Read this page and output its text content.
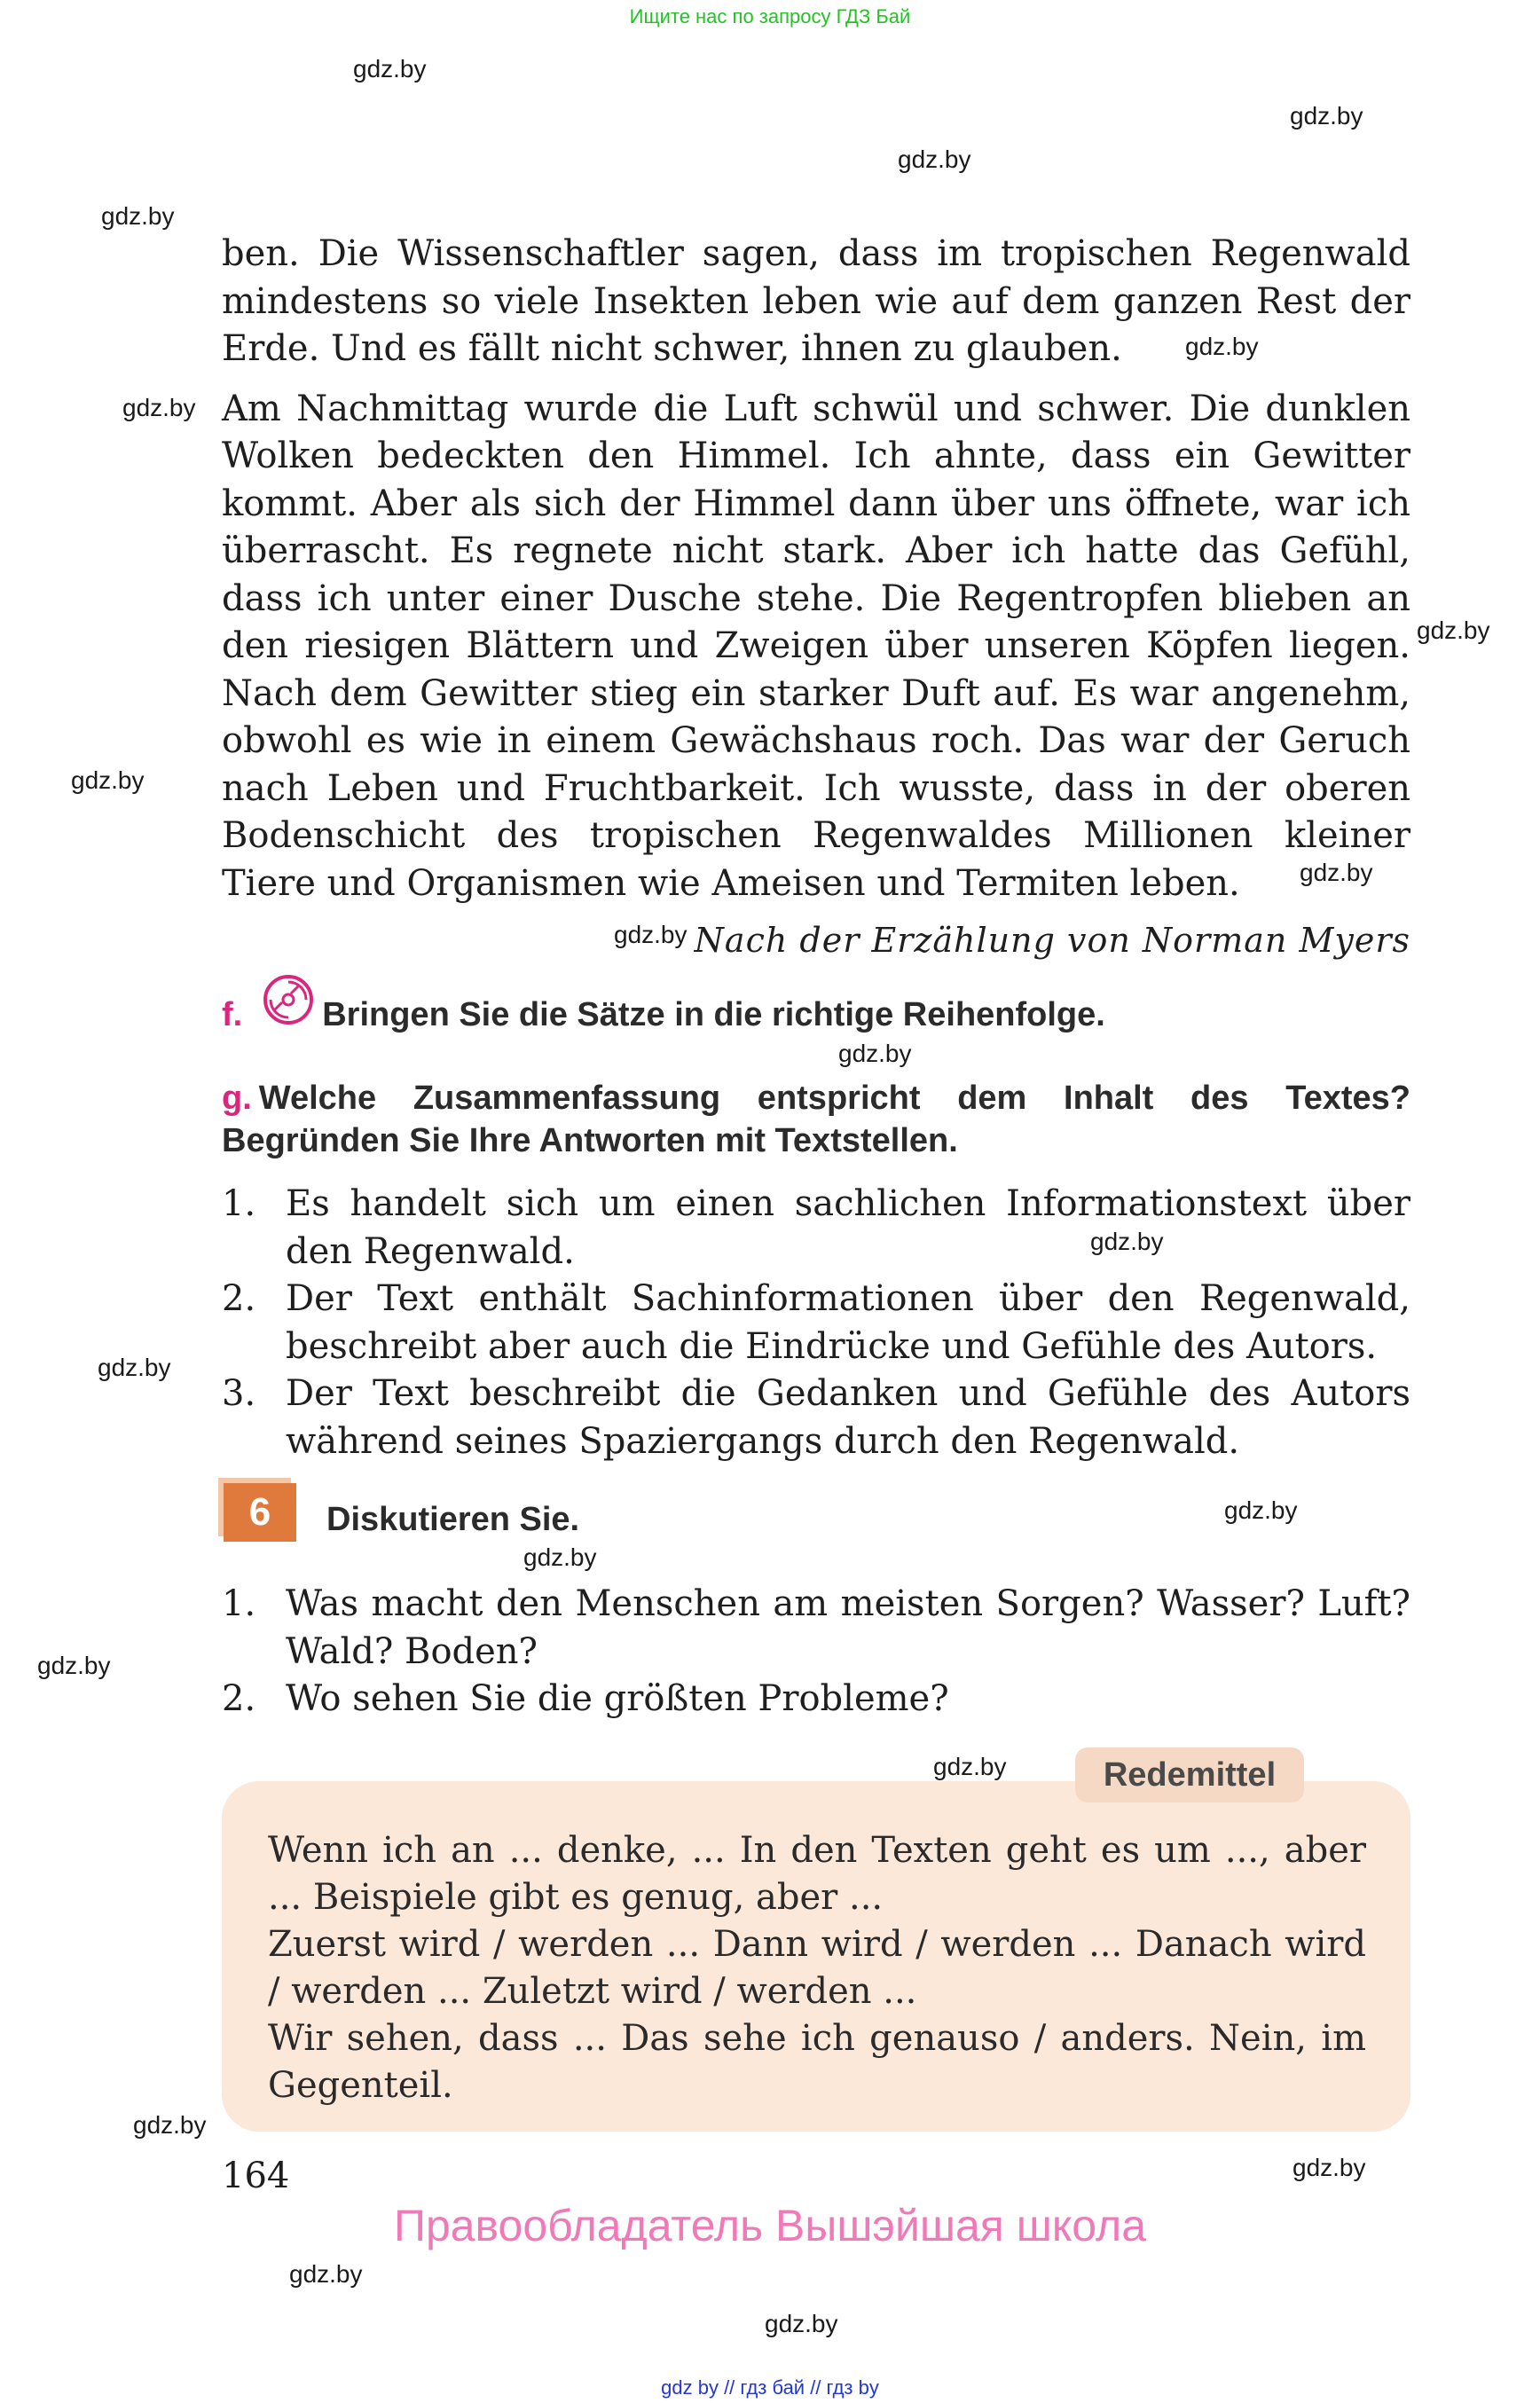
Ищите нас по запросу ГДЗ Бай
gdz.by
gdz.by
gdz.by
gdz.by
gdz.by
gdz.by
gdz.by
gdz.by
gdz.by
gdz.by
gdz.by
gdz.by
gdz.by
gdz.by
gdz.by
gdz.by
gdz.by
gdz.by
gdz.by
gdz.by
gdz.by

ben. Die Wissenschaftler sagen, dass im tropischen Regenwald mindestens so viele Insekten leben wie auf dem ganzen Rest der Erde. Und es fällt nicht schwer, ihnen zu glauben.

Am Nachmittag wurde die Luft schwül und schwer. Die dunklen Wolken bedeckten den Himmel. Ich ahnte, dass ein Gewitter kommt. Aber als sich der Himmel dann über uns öffnete, war ich überrascht. Es regnete nicht stark. Aber ich hatte das Gefühl, dass ich unter einer Dusche stehe. Die Regentropfen blieben an den riesigen Blättern und Zweigen über unseren Köpfen liegen. Nach dem Gewitter stieg ein starker Duft auf. Es war angenehm, obwohl es wie in einem Gewächshaus roch. Das war der Geruch nach Leben und Fruchtbarkeit. Ich wusste, dass in der oberen Bodenschicht des tropischen Regenwaldes Millionen kleiner Tiere und Organismen wie Ameisen und Termiten leben.

Nach der Erzählung von Norman Myers
f. Bringen Sie die Sätze in die richtige Reihenfolge.
g. Welche Zusammenfassung entspricht dem Inhalt des Textes? Begründen Sie Ihre Antworten mit Textstellen.
1. Es handelt sich um einen sachlichen Informationstext über den Regenwald.
2. Der Text enthält Sachinformationen über den Regenwald, beschreibt aber auch die Eindrücke und Gefühle des Autors.
3. Der Text beschreibt die Gedanken und Gefühle des Autors während seines Spaziergangs durch den Regenwald.
6	Diskutieren Sie.
1. Was macht den Menschen am meisten Sorgen? Wasser? Luft? Wald? Boden?
2. Wo sehen Sie die größten Probleme?
Redemittel
Wenn ich an ... denke, ... In den Texten geht es um ..., aber ... Beispiele gibt es genug, aber ...
Zuerst wird / werden ... Dann wird / werden ... Danach wird / werden ... Zuletzt wird / werden ...
Wir sehen, dass ... Das sehe ich genauso / anders. Nein, im Gegenteil.
164
Правообладатель Вышэйшая школа
gdz by // гдз бай // гдз by
